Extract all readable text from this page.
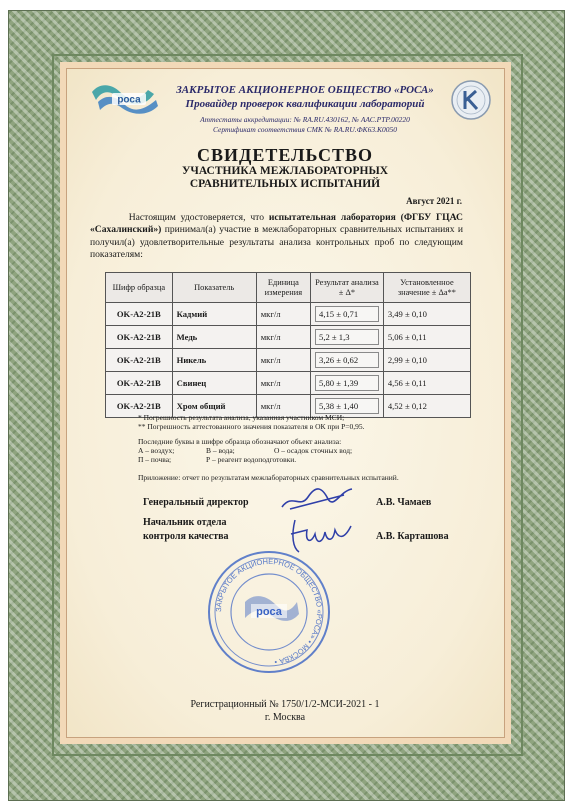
роса
ЗАКРЫТОЕ АКЦИОНЕРНОЕ ОБЩЕСТВО «РОСА»
Провайдер проверок квалификации лабораторий
Аттестаты аккредитации: № RA.RU.430162, № ААС.РТР.00220
Сертификат соответствия СМК № RA.RU.ФК63.К0050
СВИДЕТЕЛЬСТВО
УЧАСТНИКА МЕЖЛАБОРАТОРНЫХ
СРАВНИТЕЛЬНЫХ ИСПЫТАНИЙ
Август 2021 г.
Настоящим удостоверяется, что испытательная лаборатория (ФГБУ ГЦАС «Сахалинский») принимал(а) участие в межлабораторных сравнительных испытаниях и получил(а) удовлетворительные результаты анализа контрольных проб по следующим показателям:
Шифр образца	Показатель	Единица измерения	Результат анализа ± Δ*	Установленное значение ± Δa**
OK-A2-21B	Кадмий	мкг/л	4,15 ± 0,71	3,49 ± 0,10
OK-A2-21B	Медь	мкг/л	5,2 ± 1,3	5,06 ± 0,11
OK-A2-21B	Никель	мкг/л	3,26 ± 0,62	2,99 ± 0,10
OK-A2-21B	Свинец	мкг/л	5,80 ± 1,39	4,56 ± 0,11
OK-A2-21B	Хром общий	мкг/л	5,38 ± 1,40	4,52 ± 0,12
* Погрешность результата анализа, указанная участником МСИ;
** Погрешность аттестованного значения показателя в ОК при Р=0,95.
Последние буквы в шифре образца обозначают объект анализа:
А – воздух;	В – вода;	О – осадок сточных вод;
П – почва;	Р – реагент водоподготовки.
Приложение: отчет по результатам межлабораторных сравнительных испытаний.
Генеральный директор	А.В. Чамаев
Начальник отдела
контроля качества	А.В. Карташова
ЗАКРЫТОЕ АКЦИОНЕРНОЕ ОБЩЕСТВО «РОСА» • МОСКВА •
роса
Регистрационный № 1750/1/2-МСИ-2021 - 1
г. Москва
